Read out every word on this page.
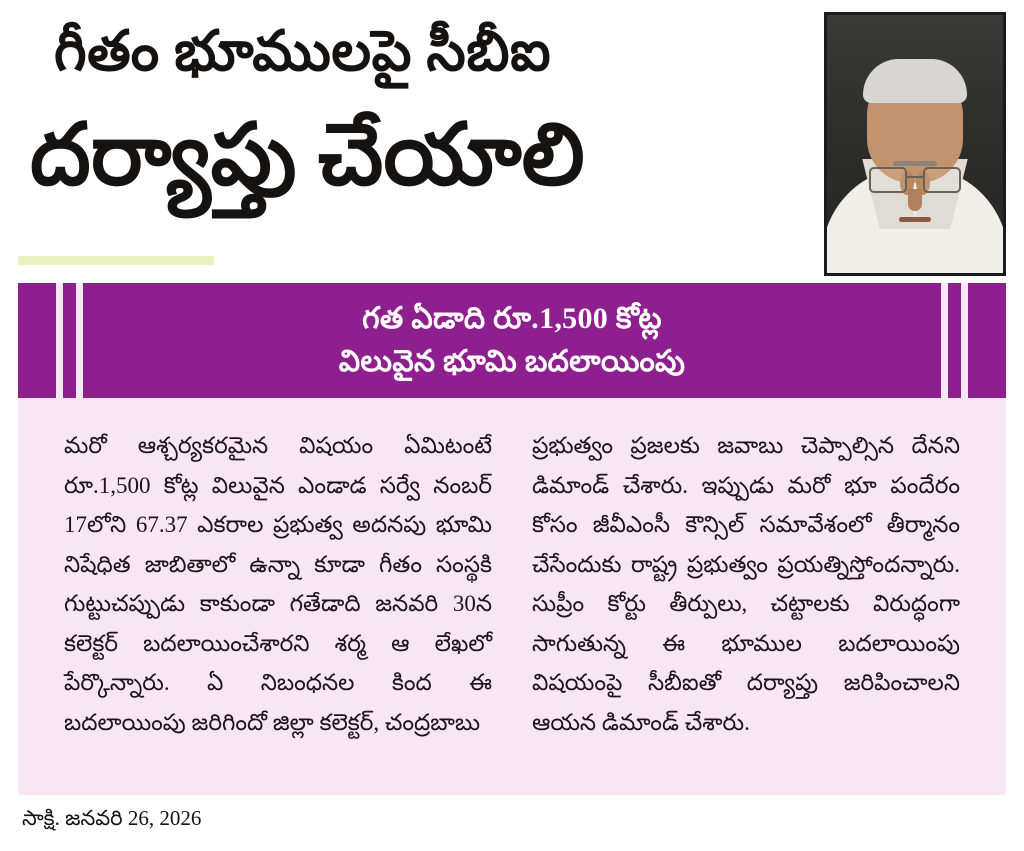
గీతం భూములపై సీబీఐ
దర్యాప్తు చేయాలి
గత ఏడాది రూ.1,500 కోట్ల
విలువైన భూమి బదలాయింపు
మరో ఆశ్చర్యకరమైన విషయం ఏమిటంటే రూ.1,500 కోట్ల విలువైన ఎండాడ సర్వే నంబర్ 17లోని 67.37 ఎకరాల ప్రభుత్వ అదనపు భూమి నిషేధిత జాబితాలో ఉన్నా కూడా గీతం సంస్థకి గుట్టుచప్పుడు కాకుండా గతేడాది జనవరి 30న కలెక్టర్ బదలాయించేశారని శర్మ ఆ లేఖలో పేర్కొన్నారు. ఏ నిబంధనల కింద ఈ బదలాయింపు జరిగిందో జిల్లా కలెక్టర్, చంద్రబాబు
ప్రభుత్వం ప్రజలకు జవాబు చెప్పాల్సిన దేనని డిమాండ్ చేశారు. ఇప్పుడు మరో భూ పందేరం కోసం జీవీఎంసీ కౌన్సిల్ సమావేశంలో తీర్మానం చేసేందుకు రాష్ట్ర ప్రభుత్వం ప్రయత్నిస్తోందన్నారు. సుప్రీం కోర్టు తీర్పులు, చట్టాలకు విరుద్ధంగా సాగుతున్న ఈ భూముల బదలాయింపు విషయంపై సీబీఐతో దర్యాప్తు జరిపించాలని ఆయన డిమాండ్ చేశారు.
సాక్షి. జనవరి 26, 2026
